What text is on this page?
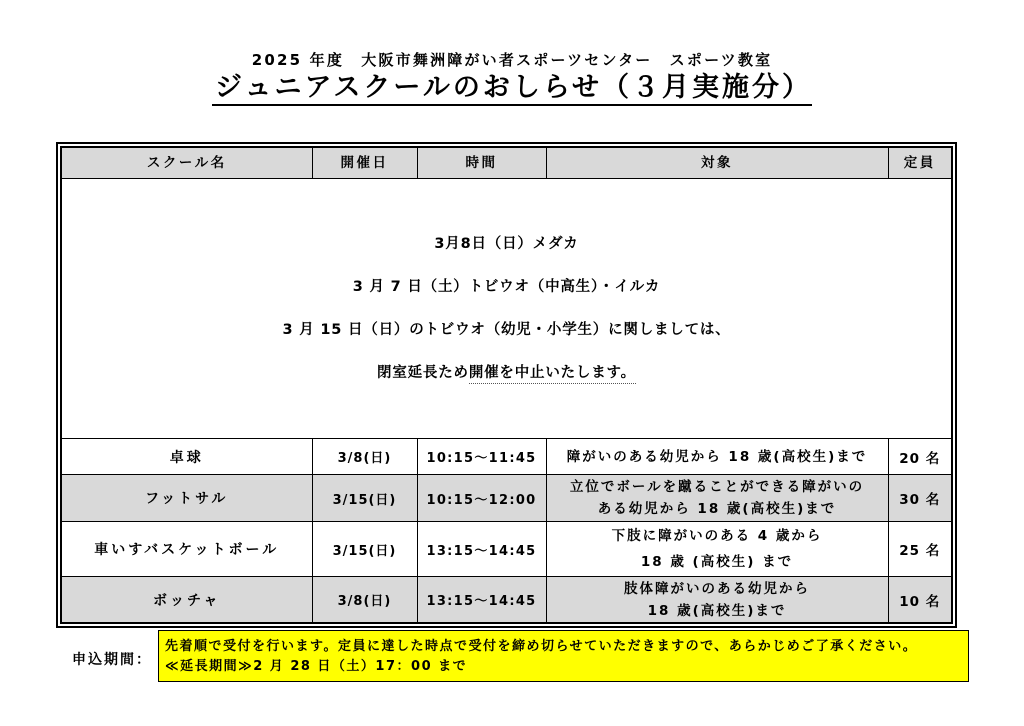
2025 年度　大阪市舞洲障がい者スポーツセンター　スポーツ教室
ジュニアスクールのおしらせ（３月実施分）
スクール名	開催日	時間	対象	定員

3月8日（日）メダカ
3 月 7 日（土）トビウオ（中高生）・イルカ
3 月 15 日（日）のトビウオ（幼児・小学生）に関しましては、
閉室延長ため開催を中止いたします。				

卓球	3/8(日)	10:15～11:45	障がいのある幼児から 18 歳(高校生)まで	20 名
フットサル	3/15(日)	10:15～12:00	立位でボールを蹴ることができる障がいの
ある幼児から 18 歳(高校生)まで	30 名
車いすバスケットボール	3/15(日)	13:15～14:45	下肢に障がいのある 4 歳から
18 歳 (高校生) まで	25 名
ボッチャ	3/8(日)	13:15～14:45	肢体障がいのある幼児から
18 歳(高校生)まで	10 名
申込期間：
先着順で受付を行います。定員に達した時点で受付を締め切らせていただきますので、あらかじめご了承ください。
≪延長期間≫2 月 28 日（土）17：00 まで
